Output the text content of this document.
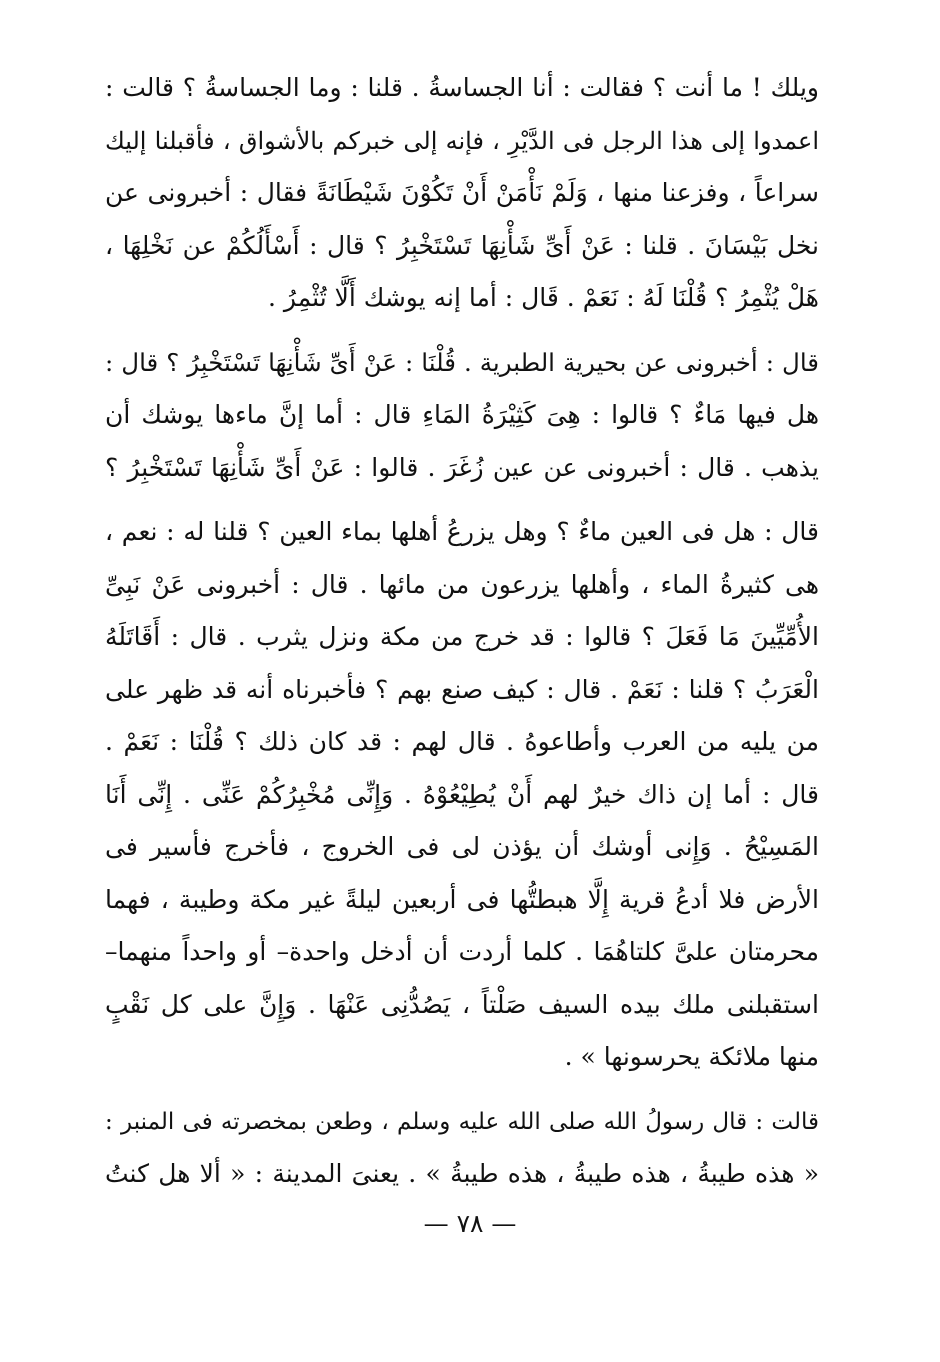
ويلك ! ما أنت ؟ فقالت : أنا الجساسةُ . قلنا : وما الجساسةُ ؟ قالت :
اعمدوا إلى هذا الرجل فى الدَّيْرِ ، فإنه إلى خبركم بالأشواق ، فأقبلنا إليك
سراعاً ، وفزعنا منها ، وَلَمْ نَأْمَنْ أَنْ تَكُوْنَ شَيْطَانَةً فقال : أخبرونى عن
نخل بَيْسَانَ . قلنا : عَنْ أَىِّ شَأْنِهَا تَسْتَخْبِرُ ؟ قال : أَسْأَلُكُمْ عن نَخْلِهَا ،
هَلْ يُثْمِرُ ؟ قُلْنَا لَهُ : نَعَمْ . قَال : أما إنه يوشك أَلَّا تُثْمِرُ .
قال : أخبرونى عن بحيرية الطبرية . قُلْنَا : عَنْ أَىِّ شَأْنِهَا تَسْتَخْبِرُ ؟ قال :
هل فيها مَاءٌ ؟ قالوا : هِىَ كَثِيْرَةُ المَاءِ قال : أما إنَّ ماءها يوشك أن
يذهب . قال : أخبرونى عن عين زُغَرَ . قالوا : عَنْ أَىِّ شَأْنِهَا تَسْتَخْبِرُ ؟
قال : هل فى العين ماءٌ ؟ وهل يزرعُ أهلها بماء العين ؟ قلنا له : نعم ،
هى كثيرةُ الماء ، وأهلها يزرعون من مائها . قال : أخبرونى عَنْ نَبِىِّ
الأُمِّيِّينَ مَا فَعَلَ ؟ قالوا : قد خرج من مكة ونزل يثرب . قال : أَقَاتَلَهُ
الْعَرَبُ ؟ قلنا : نَعَمْ . قال : كيف صنع بهم ؟ فأخبرناه أنه قد ظهر على
من يليه من العرب وأطاعوهُ . قال لهم : قد كان ذلك ؟ قُلْنَا : نَعَمْ .
قال : أما إن ذاك خيرٌ لهم أَنْ يُطِيْعُوْهُ . وَإِنِّى مُخْبِرُكُمْ عَنِّى . إِنِّى أَنَا
المَسِيْحُ . وَإِنى أوشك أن يؤذن لى فى الخروج ، فأخرج فأسير فى
الأرض فلا أدعُ قرية إِلَّا هبطتُّها فى أربعين ليلةً غير مكة وطيبة ، فهما
محرمتان علىَّ كلتاهُمَا . كلما أردت أن أدخل واحدة– أو واحداً منهما–
استقبلنى ملك بيده السيف صَلْتاً ، يَصُدُّنِى عَنْهَا . وَإِنَّ على كل نَقْبٍ
منها ملائكة يحرسونها » .
قالت : قال رسولُ الله صلى الله عليه وسلم ، وطعن بمخصرته فى المنبر :
« هذه طيبةُ ، هذه طيبةُ ، هذه طيبةُ » . يعنىَ المدينة : « ألا هل كنتُ
— ٧٨ —
